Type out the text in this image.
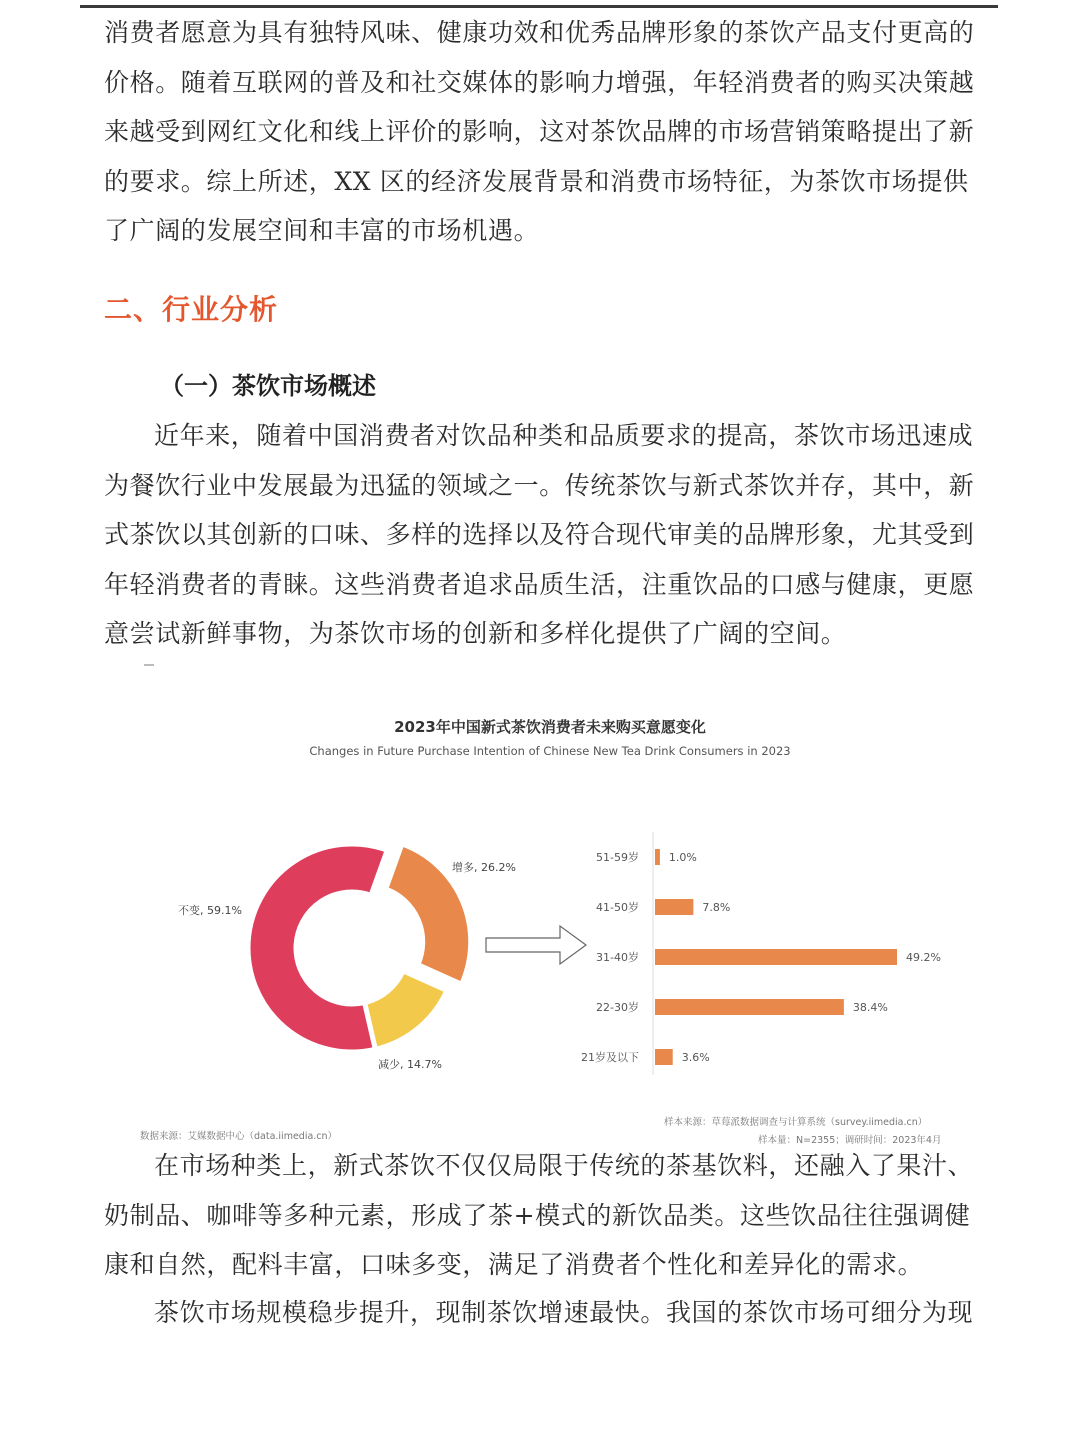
消费者愿意为具有独特风味、健康功效和优秀品牌形象的茶饮产品支付更高的价格。随着互联网的普及和社交媒体的影响力增强，年轻消费者的购买决策越来越受到网红文化和线上评价的影响，这对茶饮品牌的市场营销策略提出了新的要求。综上所述，XX 区的经济发展背景和消费市场特征，为茶饮市场提供了广阔的发展空间和丰富的市场机遇。

二、行业分析
（一）茶饮市场概述

近年来，随着中国消费者对饮品种类和品质要求的提高，茶饮市场迅速成为餐饮行业中发展最为迅猛的领域之一。传统茶饮与新式茶饮并存，其中，新式茶饮以其创新的口味、多样的选择以及符合现代审美的品牌形象，尤其受到年轻消费者的青睐。这些消费者追求品质生活，注重饮品的口感与健康，更愿意尝试新鲜事物，为茶饮市场的创新和多样化提供了广阔的空间。

2023年中国新式茶饮消费者未来购买意愿变化
Changes in Future Purchase Intention of Chinese New Tea Drink Consumers in 2023
不变, 59.1%
增多, 26.2%
减少, 14.7%
51-59岁	1.0%
41-50岁	7.8%
31-40岁	49.2%
22-30岁	38.4%
21岁及以下	3.6%
数据来源：艾媒数据中心（data.iimedia.cn）
样本来源：草莓派数据调查与计算系统（survey.iimedia.cn）
样本量：N=2355；调研时间：2023年4月

在市场种类上，新式茶饮不仅仅局限于传统的茶基饮料，还融入了果汁、奶制品、咖啡等多种元素，形成了茶+模式的新饮品类。这些饮品往往强调健康和自然，配料丰富，口味多变，满足了消费者个性化和差异化的需求。

茶饮市场规模稳步提升，现制茶饮增速最快。我国的茶饮市场可细分为现
